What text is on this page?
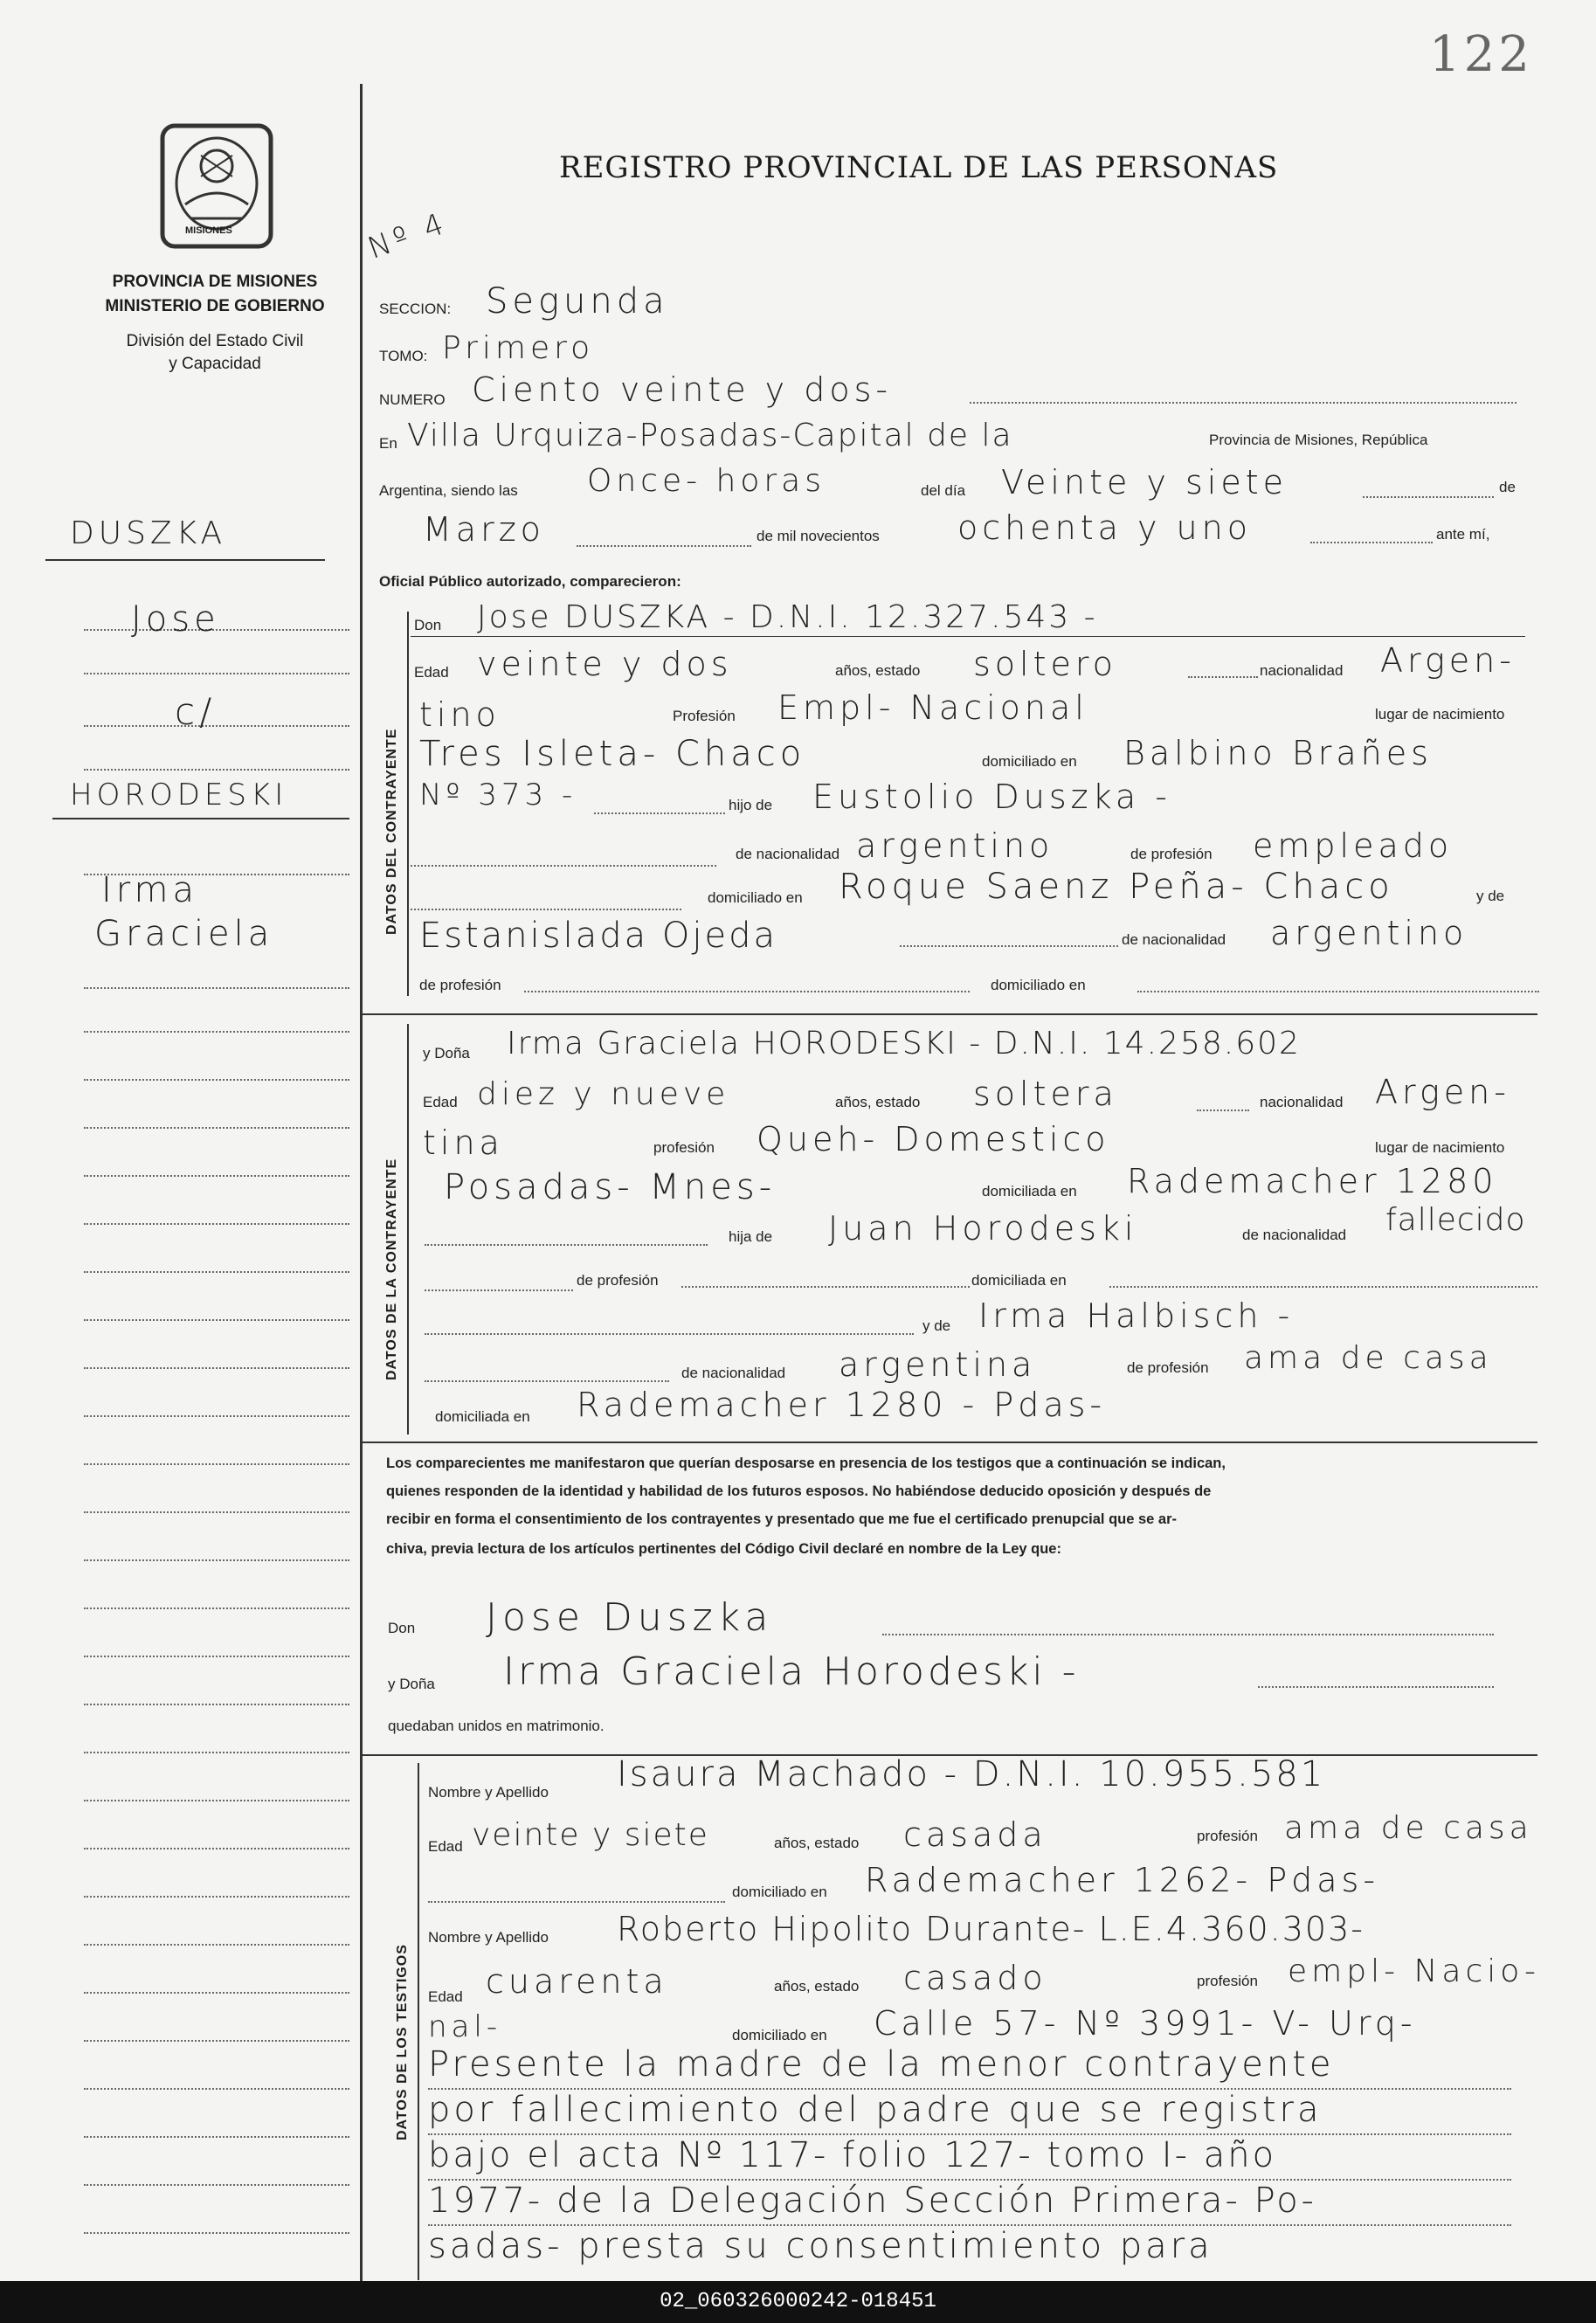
122
MISIONES
PROVINCIA DE MISIONES
MINISTERIO DE GOBIERNO
División del Estado Civil
y Capacidad
REGISTRO PROVINCIAL DE LAS PERSONAS
Nº 4
DUSZKA
Jose
c/
HORODESKI
Irma
Graciela
SECCION: Segunda
TOMO: Primero
NUMERO Ciento veinte y dos-
En Villa Urquiza-Posadas-Capital de la	Provincia de Misiones, República
Argentina, siendo las Once- horas	del día Veinte y siete	de
Marzo	de mil novecientos ochenta y uno	ante mí,
Oficial Público autorizado, comparecieron:
DATOS DEL CONTRAYENTE
Don Jose DUSZKA - D.N.I. 12.327.543 -
Edad veinte y dos	años, estado soltero	nacionalidad Argen-
tino	Profesión Empl- Nacional	lugar de nacimiento
Tres Isleta- Chaco	domiciliado en Balbino Brañes
Nº 373 -	hijo de Eustolio Duszka -
de nacionalidad argentino	de profesión empleado
domiciliado en Roque Saenz Peña- Chaco	y de
Estanislada Ojeda	de nacionalidad argentino
de profesión	domiciliado en
DATOS DE LA CONTRAYENTE
y Doña Irma Graciela HORODESKI - D.N.I. 14.258.602
Edad diez y nueve	años, estado soltera	nacionalidad Argen-
tina	profesión Queh- Domestico	lugar de nacimiento
Posadas- Mnes-	domiciliada en Rademacher 1280
hija de Juan Horodeski	de nacionalidad fallecido
de profesión	domiciliada en
y de Irma Halbisch -
de nacionalidad argentina	de profesión ama de casa
domiciliada en Rademacher 1280 - Pdas-
Los comparecientes me manifestaron que querían desposarse en presencia de los testigos que a continuación se indican,
quienes responden de la identidad y habilidad de los futuros esposos. No habiéndose deducido oposición y después de
recibir en forma el consentimiento de los contrayentes y presentado que me fue el certificado prenupcial que se ar-
chiva, previa lectura de los artículos pertinentes del Código Civil declaré en nombre de la Ley que:
Don Jose Duszka
y Doña Irma Graciela Horodeski -
quedaban unidos en matrimonio.
DATOS DE LOS TESTIGOS
Nombre y Apellido Isaura Machado - D.N.I. 10.955.581
Edad veinte y siete	años, estado casada	profesión ama de casa
domiciliado en Rademacher 1262- Pdas-
Nombre y Apellido Roberto Hipolito Durante- L.E.4.360.303-
Edad cuarenta	años, estado casado	profesión empl- Nacio-
nal-	domiciliado en Calle 57- Nº 3991- V- Urq-
Presente la madre de la menor contrayente
por fallecimiento del padre que se registra
bajo el acta Nº 117- folio 127- tomo I- año
1977- de la Delegación Sección Primera- Po-
sadas- presta su consentimiento para
02_060326000242-018451
